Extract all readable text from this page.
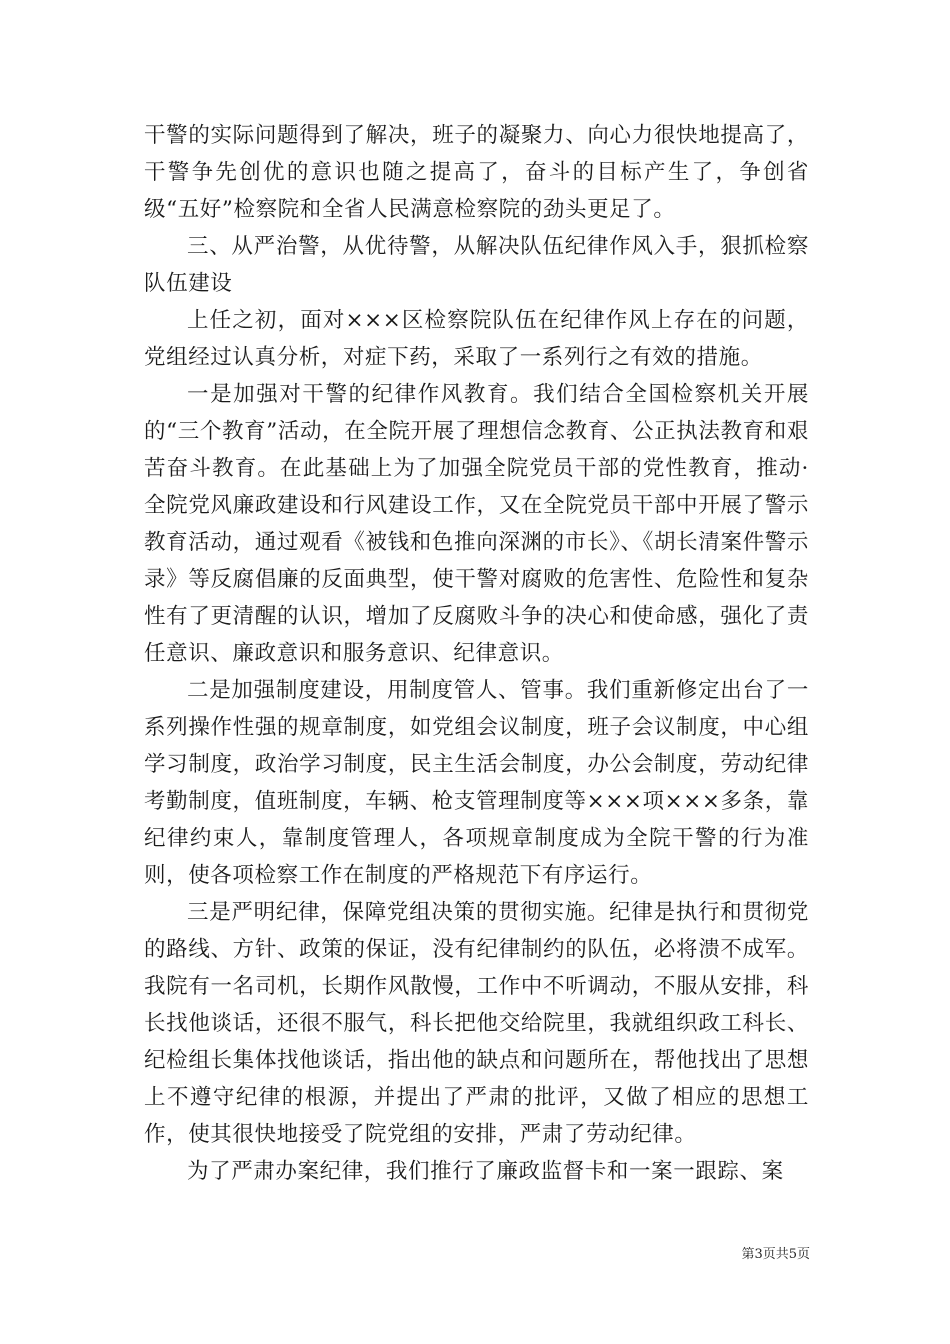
干警的实际问题得到了解决，班子的凝聚力、向心力很快地提高了，干警争先创优的意识也随之提高了，奋斗的目标产生了，争创省级“五好”检察院和全省人民满意检察院的劲头更足了。

三、从严治警，从优待警，从解决队伍纪律作风入手，狠抓检察队伍建设

上任之初，面对×××区检察院队伍在纪律作风上存在的问题，党组经过认真分析，对症下药，采取了一系列行之有效的措施。

一是加强对干警的纪律作风教育。我们结合全国检察机关开展的“三个教育”活动，在全院开展了理想信念教育、公正执法教育和艰苦奋斗教育。在此基础上为了加强全院党员干部的党性教育，推动·全院党风廉政建设和行风建设工作，又在全院党员干部中开展了警示教育活动，通过观看《被钱和色推向深渊的市长》、《胡长清案件警示录》等反腐倡廉的反面典型，使干警对腐败的危害性、危险性和复杂性有了更清醒的认识，增加了反腐败斗争的决心和使命感，强化了责任意识、廉政意识和服务意识、纪律意识。

二是加强制度建设，用制度管人、管事。我们重新修定出台了一系列操作性强的规章制度，如党组会议制度，班子会议制度，中心组学习制度，政治学习制度，民主生活会制度，办公会制度，劳动纪律考勤制度，值班制度，车辆、枪支管理制度等×××项×××多条，靠纪律约束人，靠制度管理人，各项规章制度成为全院干警的行为准则，使各项检察工作在制度的严格规范下有序运行。

三是严明纪律，保障党组决策的贯彻实施。纪律是执行和贯彻党的路线、方针、政策的保证，没有纪律制约的队伍，必将溃不成军。我院有一名司机，长期作风散慢，工作中不听调动，不服从安排，科长找他谈话，还很不服气，科长把他交给院里，我就组织政工科长、纪检组长集体找他谈话，指出他的缺点和问题所在，帮他找出了思想上不遵守纪律的根源，并提出了严肃的批评，又做了相应的思想工作，使其很快地接受了院党组的安排，严肃了劳动纪律。

为了严肃办案纪律，我们推行了廉政监督卡和一案一跟踪、案

第3页共5页
